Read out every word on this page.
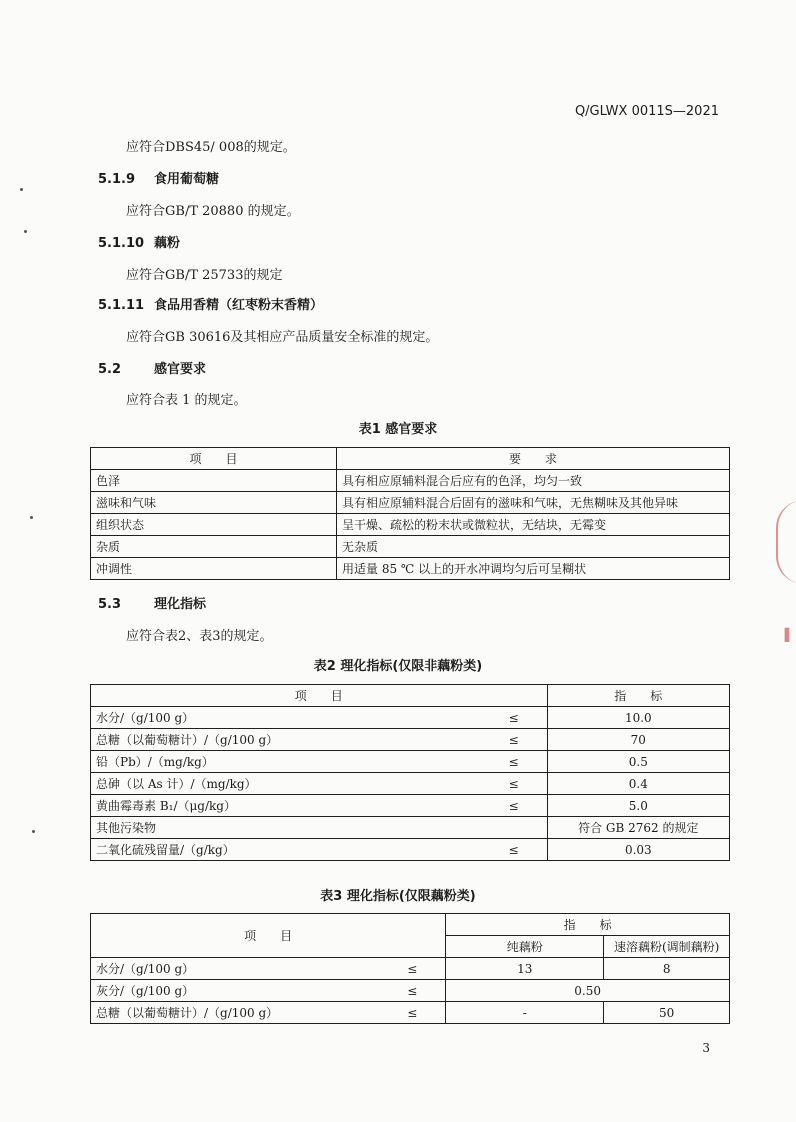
Q/GLWX 0011S—2021
应符合DBS45/ 008的规定。
5.1.9 食用葡萄糖
应符合GB/T 20880 的规定。
5.1.10 藕粉
应符合GB/T 25733的规定
5.1.11 食品用香精（红枣粉末香精）
应符合GB 30616及其相应产品质量安全标准的规定。
5.2	感官要求
应符合表 1 的规定。
表1 感官要求
项　　目	要　　求
色泽	具有相应原辅料混合后应有的色泽，均匀一致
滋味和气味	具有相应原辅料混合后固有的滋味和气味，无焦糊味及其他异味
组织状态	呈干燥、疏松的粉末状或微粒状，无结块，无霉变
杂质	无杂质
冲调性	用适量 85 ℃ 以上的开水冲调均匀后可呈糊状
5.3	理化指标
应符合表2、表3的规定。
表2 理化指标(仅限非藕粉类)
项　　目		指　　标
水分/（g/100 g）	≤	10.0
总糖（以葡萄糖计）/（g/100 g）	≤	70
铅（Pb）/（mg/kg）	≤	0.5
总砷（以 As 计）/（mg/kg）	≤	0.4
黄曲霉毒素 B₁/（μg/kg）	≤	5.0
其他污染物		符合 GB 2762 的规定
二氧化硫残留量/（g/kg）	≤	0.03
表3 理化指标(仅限藕粉类)
项　　目		指　　标	
		纯藕粉	速溶藕粉(调制藕粉)
水分/（g/100 g）	≤	13	8
灰分/（g/100 g）	≤	0.50	
总糖（以葡萄糖计）/（g/100 g）	≤	-	50
3
▌
